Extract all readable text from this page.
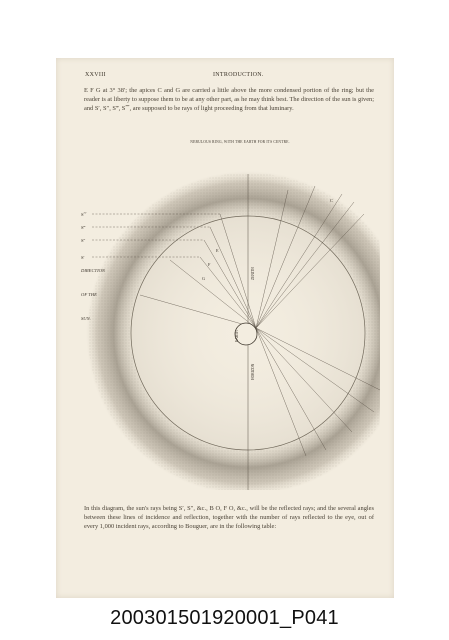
XXVIII	INTRODUCTION.
E F G at 3° 38′; the apices C and G are carried a little above the more condensed portion of the ring; but the reader is at liberty to suppose them to be at any other part, as he may think best. The direction of the sun is given; and S′, S″, S‴, S⁗, are supposed to be rays of light proceeding from that luminary.
NEBULOUS RING, WITH THE EARTH FOR ITS CENTRE.
S⁗
S‴
S″
S′
DIRECTION
OF THE
SUN.
E
F
G
C
EARTH
HORIZON
ZENITH
In this diagram, the sun's rays being S′, S″, &c., B O, F O, &c., will be the reflected rays; and the several angles between these lines of incidence and reflection, together with the number of rays reflected to the eye, out of every 1,000 incident rays, according to Bouguer, are in the following table:
200301501920001_P041
